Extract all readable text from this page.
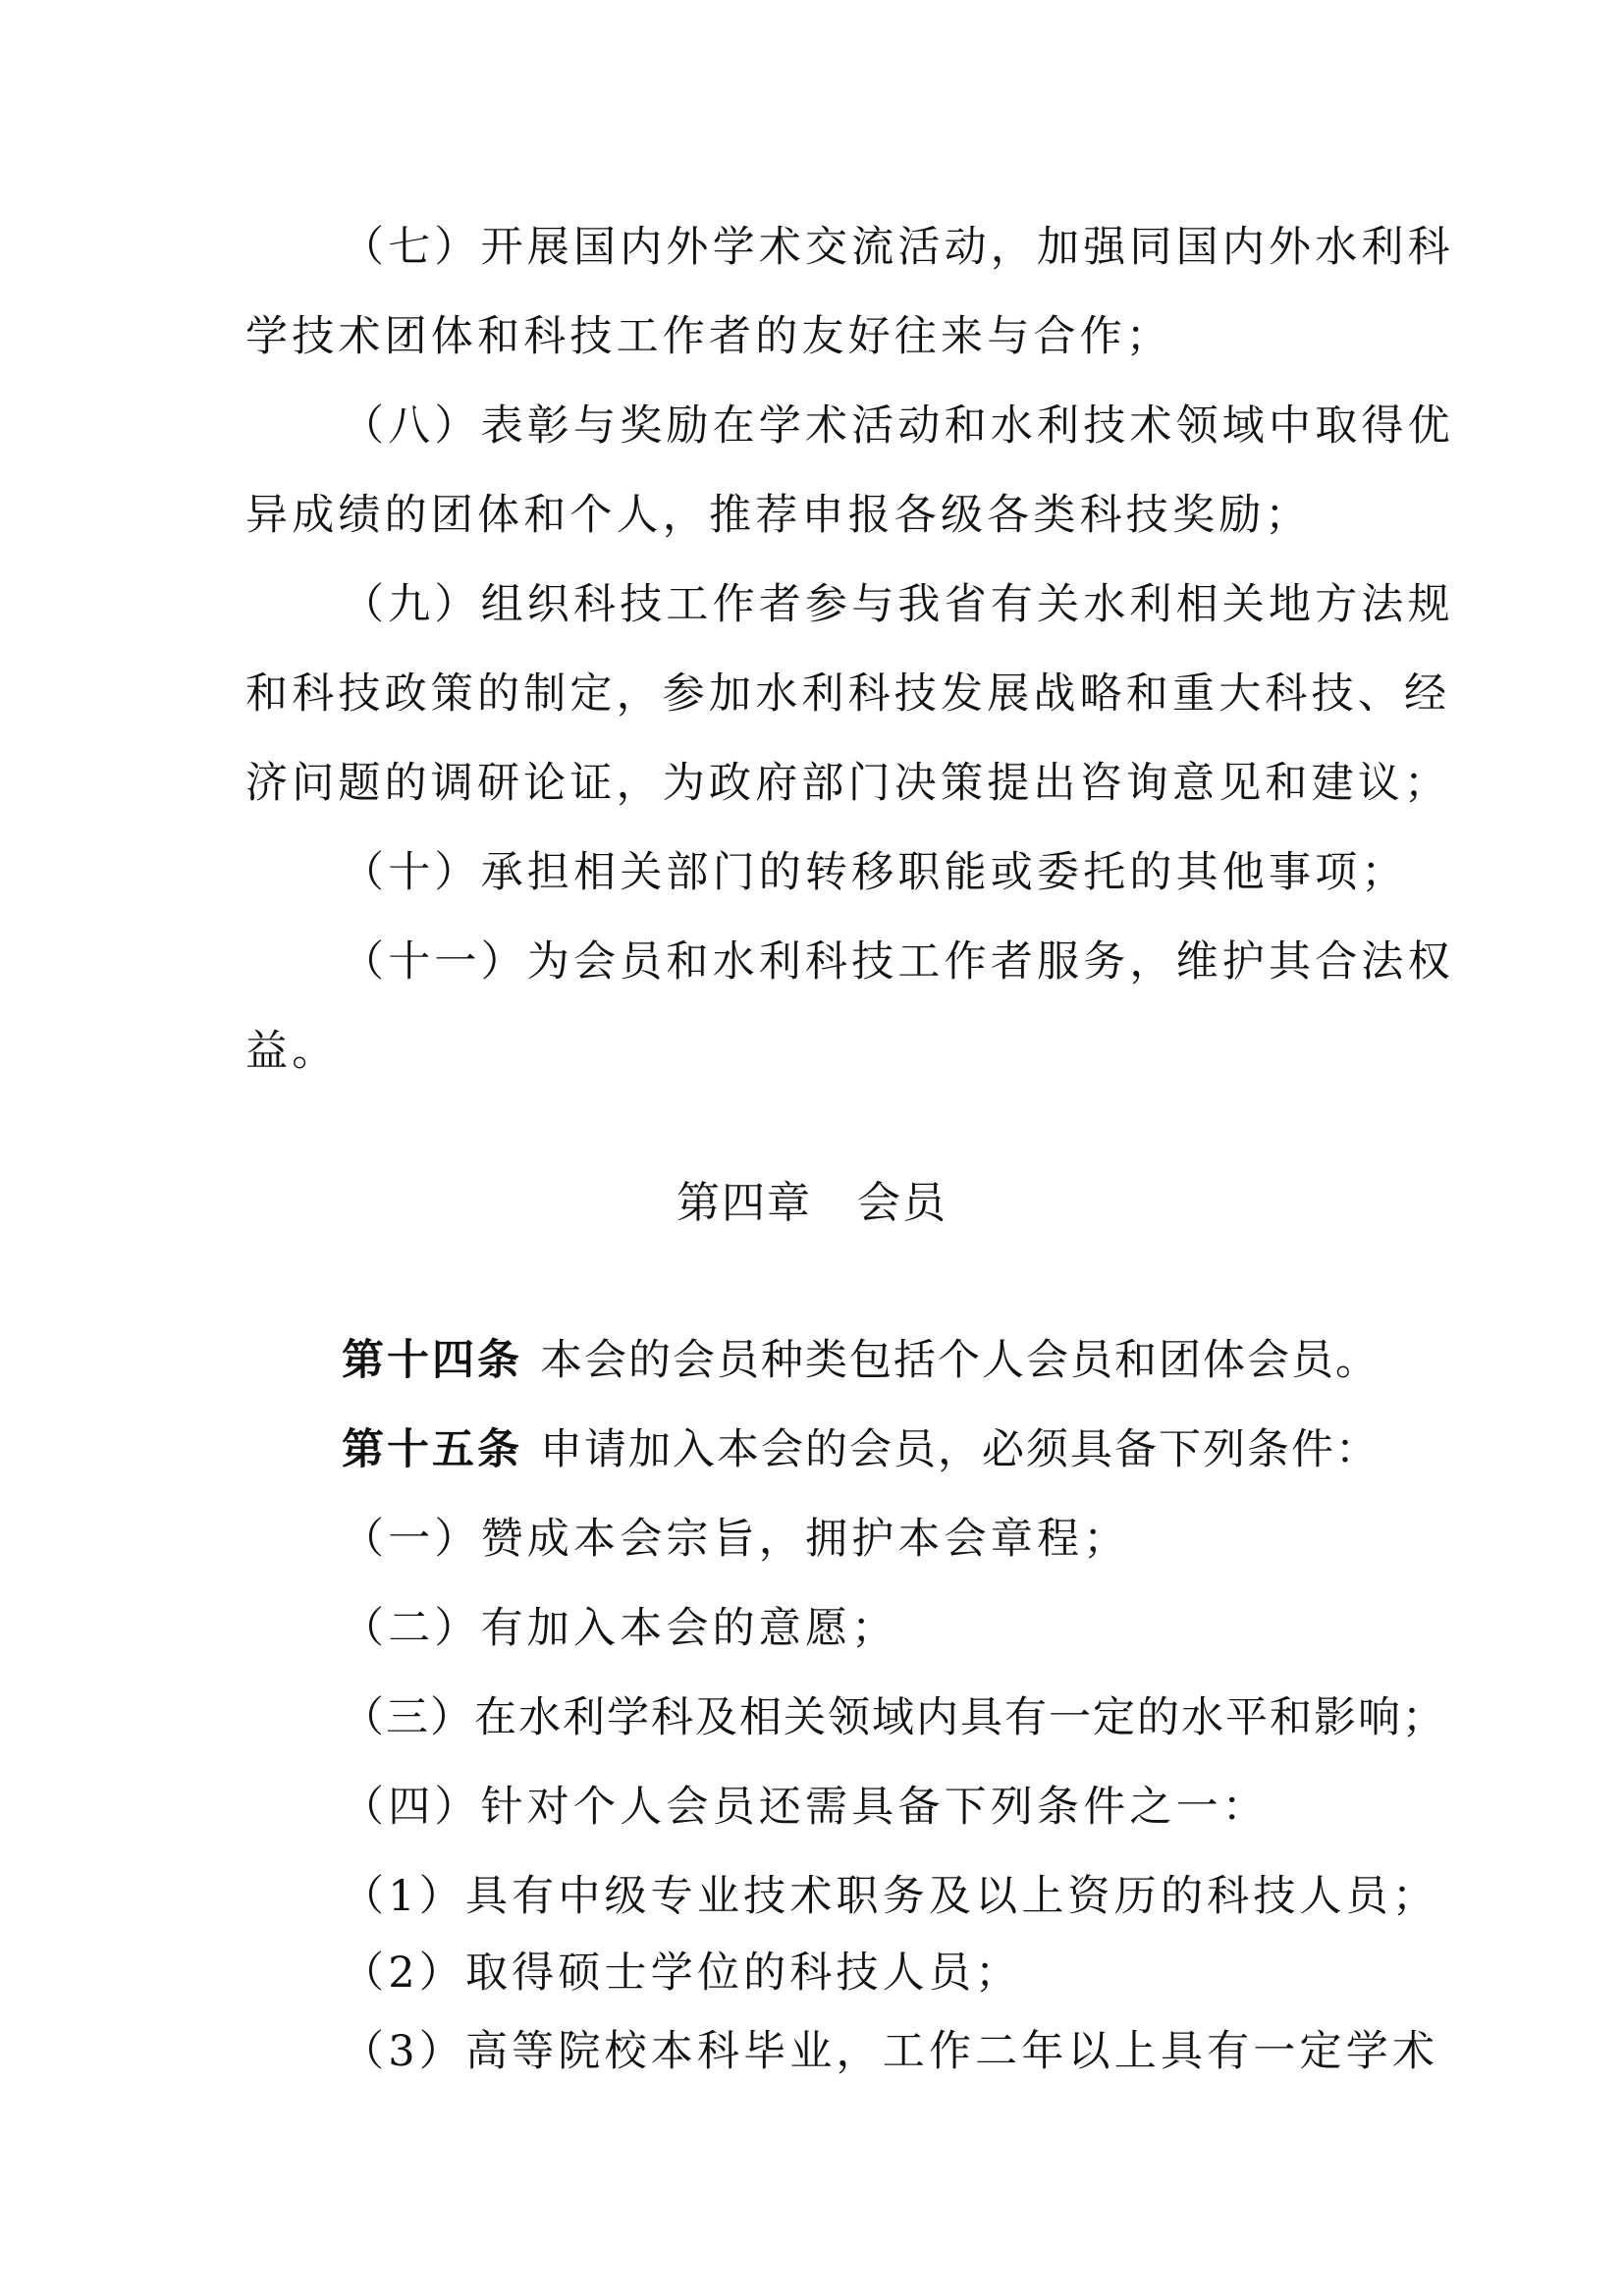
（七）开展国内外学术交流活动，加强同国内外水利科
学技术团体和科技工作者的友好往来与合作；
（八）表彰与奖励在学术活动和水利技术领域中取得优
异成绩的团体和个人，推荐申报各级各类科技奖励；
（九）组织科技工作者参与我省有关水利相关地方法规
和科技政策的制定，参加水利科技发展战略和重大科技、经
济问题的调研论证，为政府部门决策提出咨询意见和建议；
（十）承担相关部门的转移职能或委托的其他事项；
（十一）为会员和水利科技工作者服务，维护其合法权
益。
第四章　会员
第十四条 本会的会员种类包括个人会员和团体会员。
第十五条 申请加入本会的会员，必须具备下列条件：
（一）赞成本会宗旨，拥护本会章程；
（二）有加入本会的意愿；
（三）在水利学科及相关领域内具有一定的水平和影响；
（四）针对个人会员还需具备下列条件之一：
（1）具有中级专业技术职务及以上资历的科技人员；
（2）取得硕士学位的科技人员；
（3）高等院校本科毕业，工作二年以上具有一定学术
